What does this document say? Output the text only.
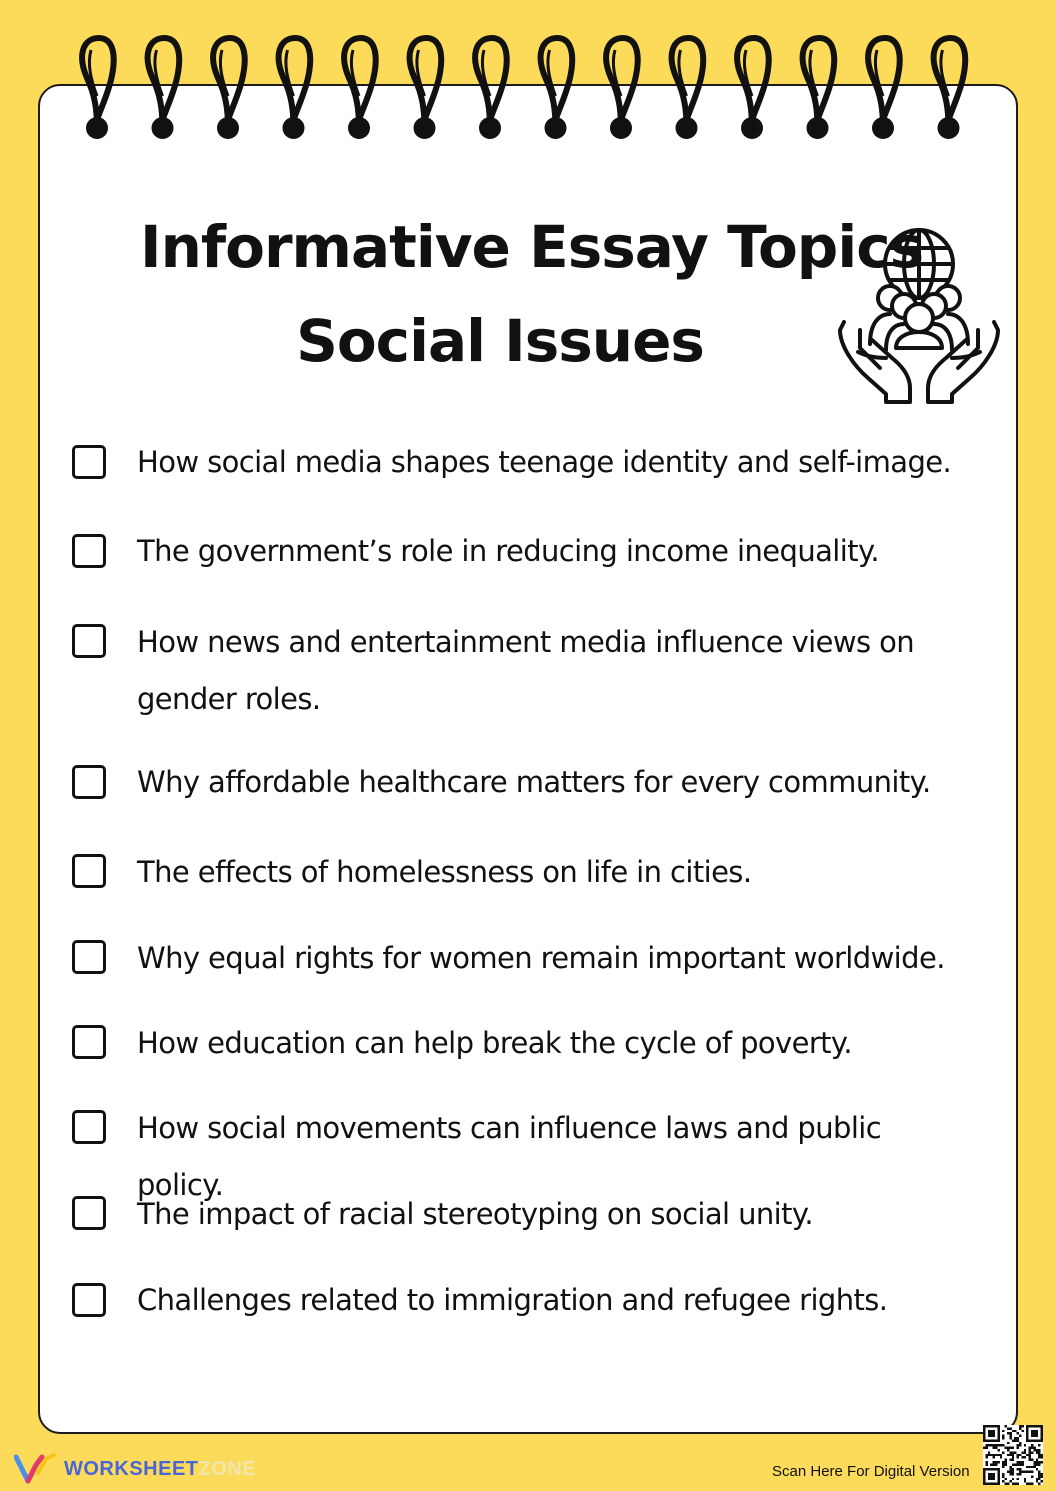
Informative Essay Topics
Social Issues
How social media shapes teenage identity and self-image.
The government’s role in reducing income inequality.
How news and entertainment media influence views on gender roles.
Why affordable healthcare matters for every community.
The effects of homelessness on life in cities.
Why equal rights for women remain important worldwide.
How education can help break the cycle of poverty.
How social movements can influence laws and public policy.
The impact of racial stereotyping on social unity.
Challenges related to immigration and refugee rights.
WORKSHEETZONE	Scan Here For Digital Version
